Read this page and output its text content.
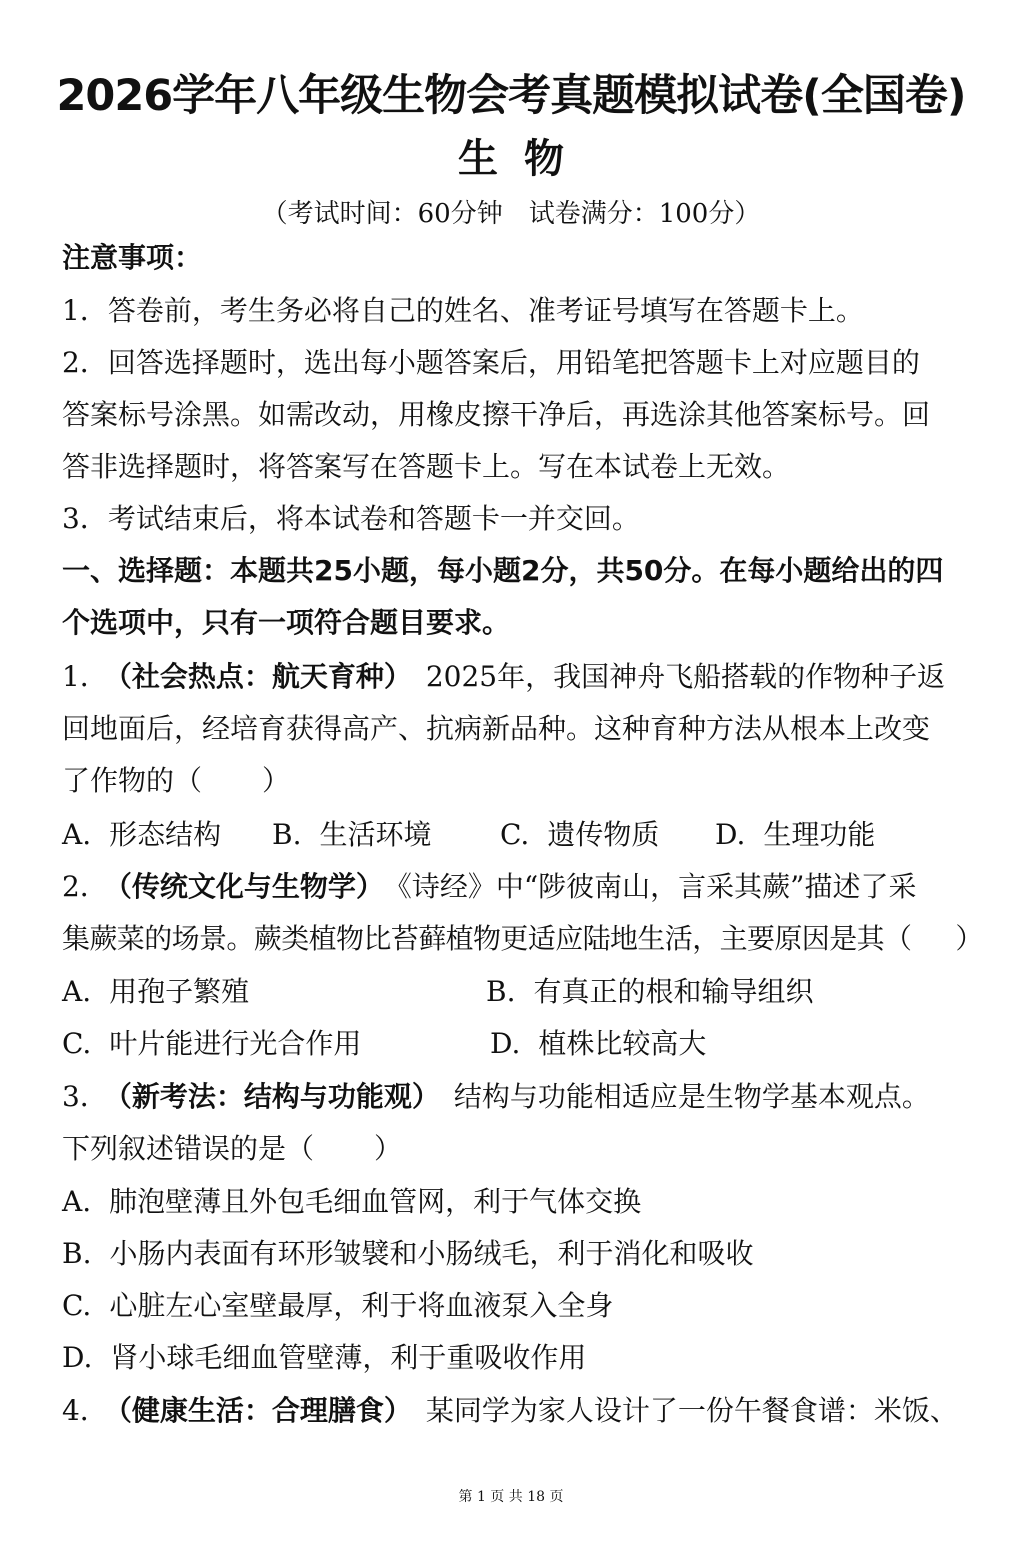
2026学年八年级生物会考真题模拟试卷(全国卷)
生物
（考试时间：60分钟　试卷满分：100分）
注意事项：
1．答卷前，考生务必将自己的姓名、准考证号填写在答题卡上。
2．回答选择题时，选出每小题答案后，用铅笔把答题卡上对应题目的
答案标号涂黑。如需改动，用橡皮擦干净后，再选涂其他答案标号。回
答非选择题时，将答案写在答题卡上。写在本试卷上无效。
3．考试结束后，将本试卷和答题卡一并交回。
一、选择题：本题共25小题，每小题2分，共50分。在每小题给出的四
个选项中，只有一项符合题目要求。
1． （社会热点：航天育种） 2025年，我国神舟飞船搭载的作物种子返
回地面后，经培育获得高产、抗病新品种。这种育种方法从根本上改变
了作物的（ ）
A. 形态结构 B. 生活环境 C. 遗传物质 D. 生理功能
2． （传统文化与生物学） 《诗经》中“陟彼南山，言采其蕨”描述了采
集蕨菜的场景。蕨类植物比苔藓植物更适应陆地生活，主要原因是其（ ）
A. 用孢子繁殖	B. 有真正的根和输导组织
C. 叶片能进行光合作用	D. 植株比较高大
3． （新考法：结构与功能观） 结构与功能相适应是生物学基本观点。
下列叙述错误的是（ ）
A. 肺泡壁薄且外包毛细血管网，利于气体交换
B. 小肠内表面有环形皱襞和小肠绒毛，利于消化和吸收
C. 心脏左心室壁最厚，利于将血液泵入全身
D. 肾小球毛细血管壁薄，利于重吸收作用
4． （健康生活：合理膳食） 某同学为家人设计了一份午餐食谱：米饭、
第 1 页 共 18 页
